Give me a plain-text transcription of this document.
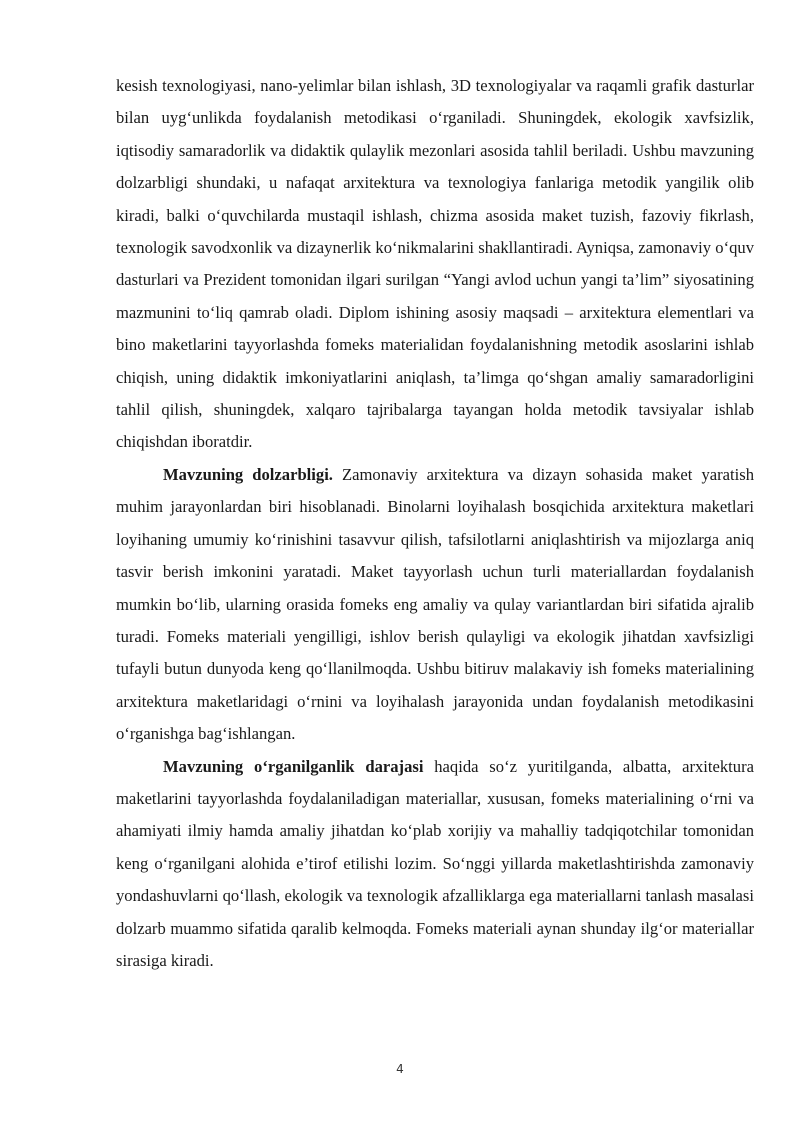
kesish texnologiyasi, nano-yelimlar bilan ishlash, 3D texnologiyalar va raqamli grafik dasturlar bilan uyg‘unlikda foydalanish metodikasi o‘rganiladi. Shuningdek, ekologik xavfsizlik, iqtisodiy samaradorlik va didaktik qulaylik mezonlari asosida tahlil beriladi. Ushbu mavzuning dolzarbligi shundaki, u nafaqat arxitektura va texnologiya fanlariga metodik yangilik olib kiradi, balki o‘quvchilarda mustaqil ishlash, chizma asosida maket tuzish, fazoviy fikrlash, texnologik savodxonlik va dizaynerlik ko‘nikmalarini shakllantiradi. Ayniqsa, zamonaviy o‘quv dasturlari va Prezident tomonidan ilgari surilgan “Yangi avlod uchun yangi ta’lim” siyosatining mazmunini to‘liq qamrab oladi. Diplom ishining asosiy maqsadi – arxitektura elementlari va bino maketlarini tayyorlashda fomeks materialidan foydalanishning metodik asoslarini ishlab chiqish, uning didaktik imkoniyatlarini aniqlash, ta’limga qo‘shgan amaliy samaradorligini tahlil qilish, shuningdek, xalqaro tajribalarga tayangan holda metodik tavsiyalar ishlab chiqishdan iboratdir.

Mavzuning dolzarbligi. Zamonaviy arxitektura va dizayn sohasida maket yaratish muhim jarayonlardan biri hisoblanadi. Binolarni loyihalash bosqichida arxitektura maketlari loyihaning umumiy ko‘rinishini tasavvur qilish, tafsilotlarni aniqlashtirish va mijozlarga aniq tasvir berish imkonini yaratadi. Maket tayyorlash uchun turli materiallardan foydalanish mumkin bo‘lib, ularning orasida fomeks eng amaliy va qulay variantlardan biri sifatida ajralib turadi. Fomeks materiali yengilligi, ishlov berish qulayligi va ekologik jihatdan xavfsizligi tufayli butun dunyoda keng qo‘llanilmoqda. Ushbu bitiruv malakaviy ish fomeks materialining arxitektura maketlaridagi o‘rnini va loyihalash jarayonida undan foydalanish metodikasini o‘rganishga bag‘ishlangan.

Mavzuning o‘rganilganlik darajasi haqida so‘z yuritilganda, albatta, arxitektura maketlarini tayyorlashda foydalaniladigan materiallar, xususan, fomeks materialining o‘rni va ahamiyati ilmiy hamda amaliy jihatdan ko‘plab xorijiy va mahalliy tadqiqotchilar tomonidan keng o‘rganilgani alohida e’tirof etilishi lozim. So‘nggi yillarda maketlashtirishda zamonaviy yondashuvlarni qo‘llash, ekologik va texnologik afzalliklarga ega materiallarni tanlash masalasi dolzarb muammo sifatida qaralib kelmoqda. Fomeks materiali aynan shunday ilg‘or materiallar sirasiga kiradi.

4
